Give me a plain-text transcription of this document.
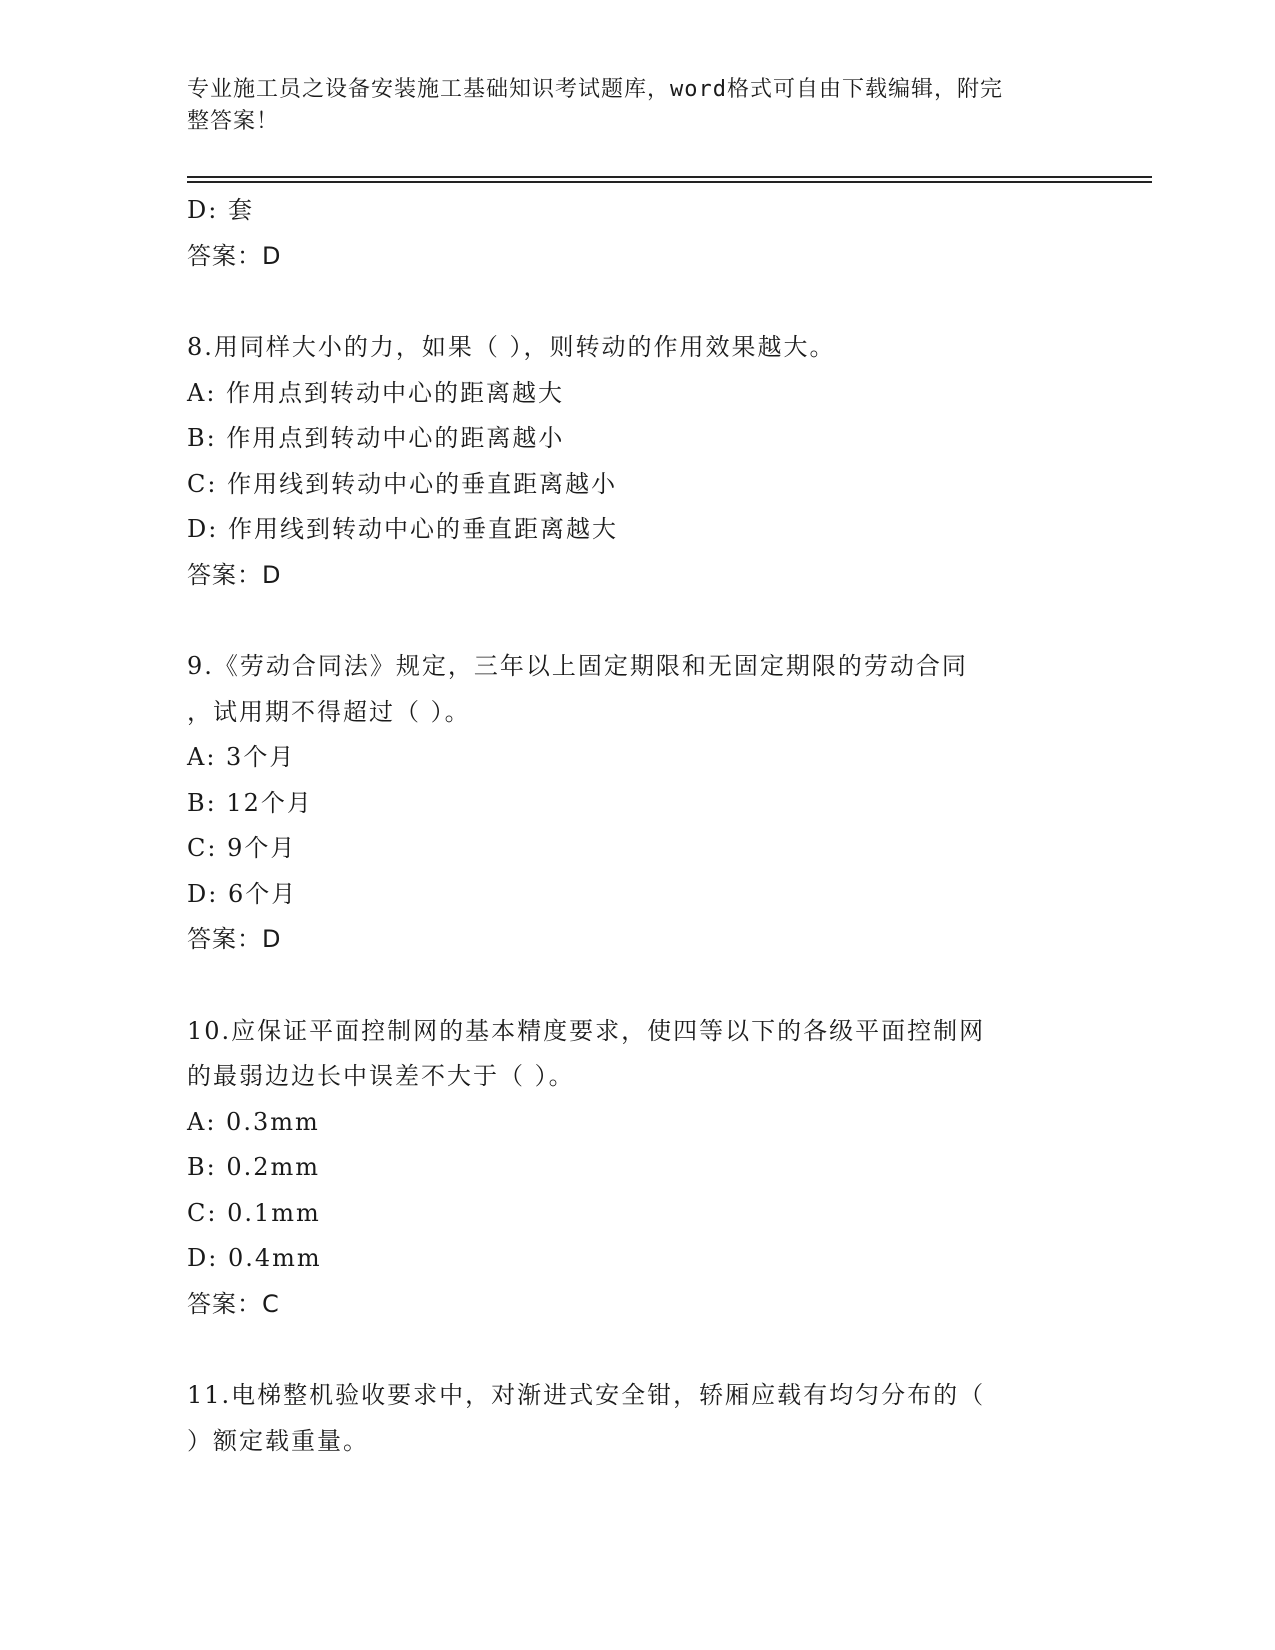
专业施工员之设备安装施工基础知识考试题库，word格式可自由下载编辑，附完
整答案！
D: 套
答案：D
8.用同样大小的力，如果（ ），则转动的作用效果越大。
A: 作用点到转动中心的距离越大
B: 作用点到转动中心的距离越小
C: 作用线到转动中心的垂直距离越小
D: 作用线到转动中心的垂直距离越大
答案：D
9.《劳动合同法》规定，三年以上固定期限和无固定期限的劳动合同
，试用期不得超过（ ）。
A: 3个月
B: 12个月
C: 9个月
D: 6个月
答案：D
10.应保证平面控制网的基本精度要求，使四等以下的各级平面控制网
的最弱边边长中误差不大于（ ）。
A: 0.3mm
B: 0.2mm
C: 0.1mm
D: 0.4mm
答案：C
11.电梯整机验收要求中，对渐进式安全钳，轿厢应载有均匀分布的（
）额定载重量。
